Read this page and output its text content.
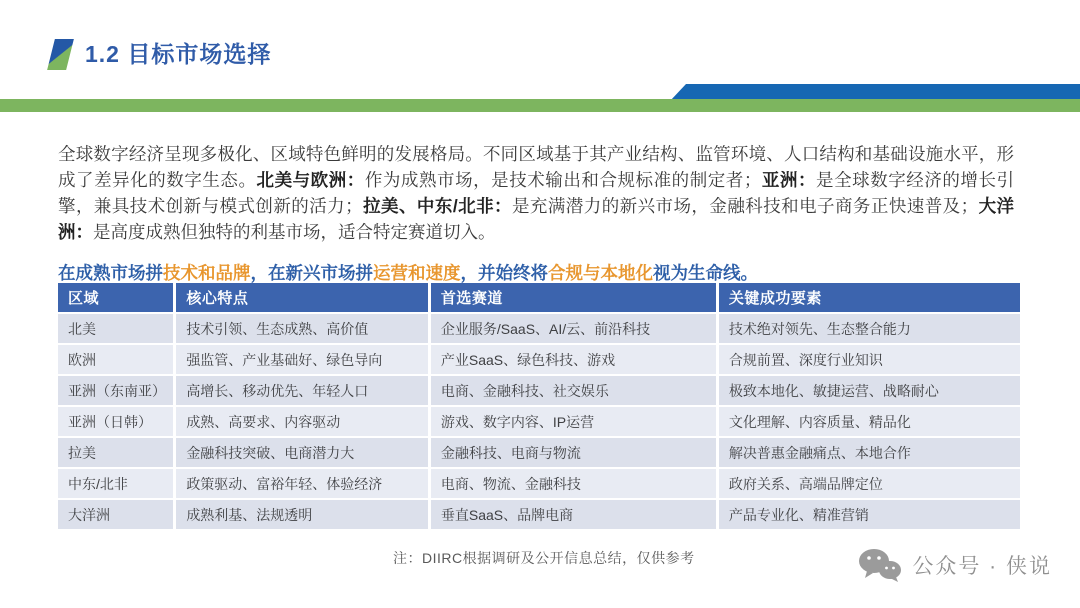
1.2 目标市场选择

全球数字经济呈现多极化、区域特色鲜明的发展格局。不同区域基于其产业结构、监管环境、人口结构和基础设施水平，形成了差异化的数字生态。北美与欧洲：作为成熟市场，是技术输出和合规标准的制定者；亚洲：是全球数字经济的增长引擎，兼具技术创新与模式创新的活力；拉美、中东/北非：是充满潜力的新兴市场，金融科技和电子商务正快速普及；大洋洲：是高度成熟但独特的利基市场，适合特定赛道切入。

在成熟市场拼技术和品牌，在新兴市场拼运营和速度，并始终将合规与本地化视为生命线。

区域	核心特点	首选赛道	关键成功要素
北美	技术引领、生态成熟、高价值	企业服务/SaaS、AI/云、前沿科技	技术绝对领先、生态整合能力
欧洲	强监管、产业基础好、绿色导向	产业SaaS、绿色科技、游戏	合规前置、深度行业知识
亚洲（东南亚）	高增长、移动优先、年轻人口	电商、金融科技、社交娱乐	极致本地化、敏捷运营、战略耐心
亚洲（日韩）	成熟、高要求、内容驱动	游戏、数字内容、IP运营	文化理解、内容质量、精品化
拉美	金融科技突破、电商潜力大	金融科技、电商与物流	解决普惠金融痛点、本地合作
中东/北非	政策驱动、富裕年轻、体验经济	电商、物流、金融科技	政府关系、高端品牌定位
大洋洲	成熟利基、法规透明	垂直SaaS、品牌电商	产品专业化、精准营销
注：DIIRC根据调研及公开信息总结，仅供参考	公众号 · 侠说
